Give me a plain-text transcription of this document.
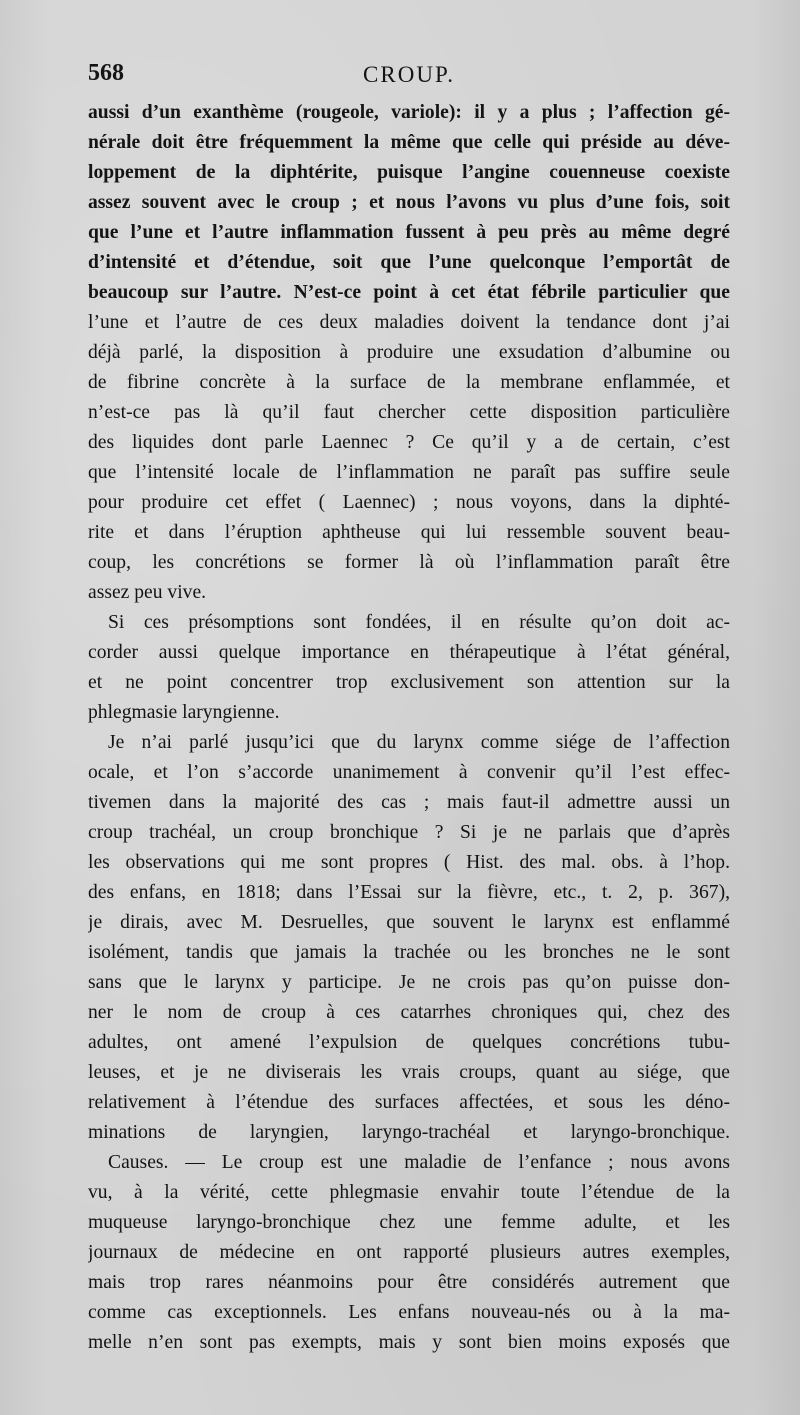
568	CROUP.
aussi d’un exanthème (rougeole, variole): il y a plus ; l’affection gé-
nérale doit être fréquemment la même que celle qui préside au déve-
loppement de la diphtérite, puisque l’angine couenneuse coexiste
assez souvent avec le croup ; et nous l’avons vu plus d’une fois, soit
que l’une et l’autre inflammation fussent à peu près au même degré
d’intensité et d’étendue, soit que l’une quelconque l’emportât de
beaucoup sur l’autre. N’est-ce point à cet état fébrile particulier que
l’une et l’autre de ces deux maladies doivent la tendance dont j’ai
déjà parlé, la disposition à produire une exsudation d’albumine ou
de fibrine concrète à la surface de la membrane enflammée, et
n’est-ce pas là qu’il faut chercher cette disposition particulière
des liquides dont parle Laennec ? Ce qu’il y a de certain, c’est
que l’intensité locale de l’inflammation ne paraît pas suffire seule
pour produire cet effet ( Laennec) ; nous voyons, dans la diphté-
rite et dans l’éruption aphtheuse qui lui ressemble souvent beau-
coup, les concrétions se former là où l’inflammation paraît être
assez peu vive.
Si ces présomptions sont fondées, il en résulte qu’on doit ac-
corder aussi quelque importance en thérapeutique à l’état général,
et ne point concentrer trop exclusivement son attention sur la
phlegmasie laryngienne.
Je n’ai parlé jusqu’ici que du larynx comme siége de l’affection
ocale, et l’on s’accorde unanimement à convenir qu’il l’est effec-
tivemen dans la majorité des cas ; mais faut-il admettre aussi un
croup trachéal, un croup bronchique ? Si je ne parlais que d’après
les observations qui me sont propres ( Hist. des mal. obs. à l’hop.
des enfans, en 1818; dans l’Essai sur la fièvre, etc., t. 2, p. 367),
je dirais, avec M. Desruelles, que souvent le larynx est enflammé
isolément, tandis que jamais la trachée ou les bronches ne le sont
sans que le larynx y participe. Je ne crois pas qu’on puisse don-
ner le nom de croup à ces catarrhes chroniques qui, chez des
adultes, ont amené l’expulsion de quelques concrétions tubu-
leuses, et je ne diviserais les vrais croups, quant au siége, que
relativement à l’étendue des surfaces affectées, et sous les déno-
minations de laryngien, laryngo-trachéal et laryngo-bronchique.
Causes. — Le croup est une maladie de l’enfance ; nous avons
vu, à la vérité, cette phlegmasie envahir toute l’étendue de la
muqueuse laryngo-bronchique chez une femme adulte, et les
journaux de médecine en ont rapporté plusieurs autres exemples,
mais trop rares néanmoins pour être considérés autrement que
comme cas exceptionnels. Les enfans nouveau-nés ou à la ma-
melle n’en sont pas exempts, mais y sont bien moins exposés que
